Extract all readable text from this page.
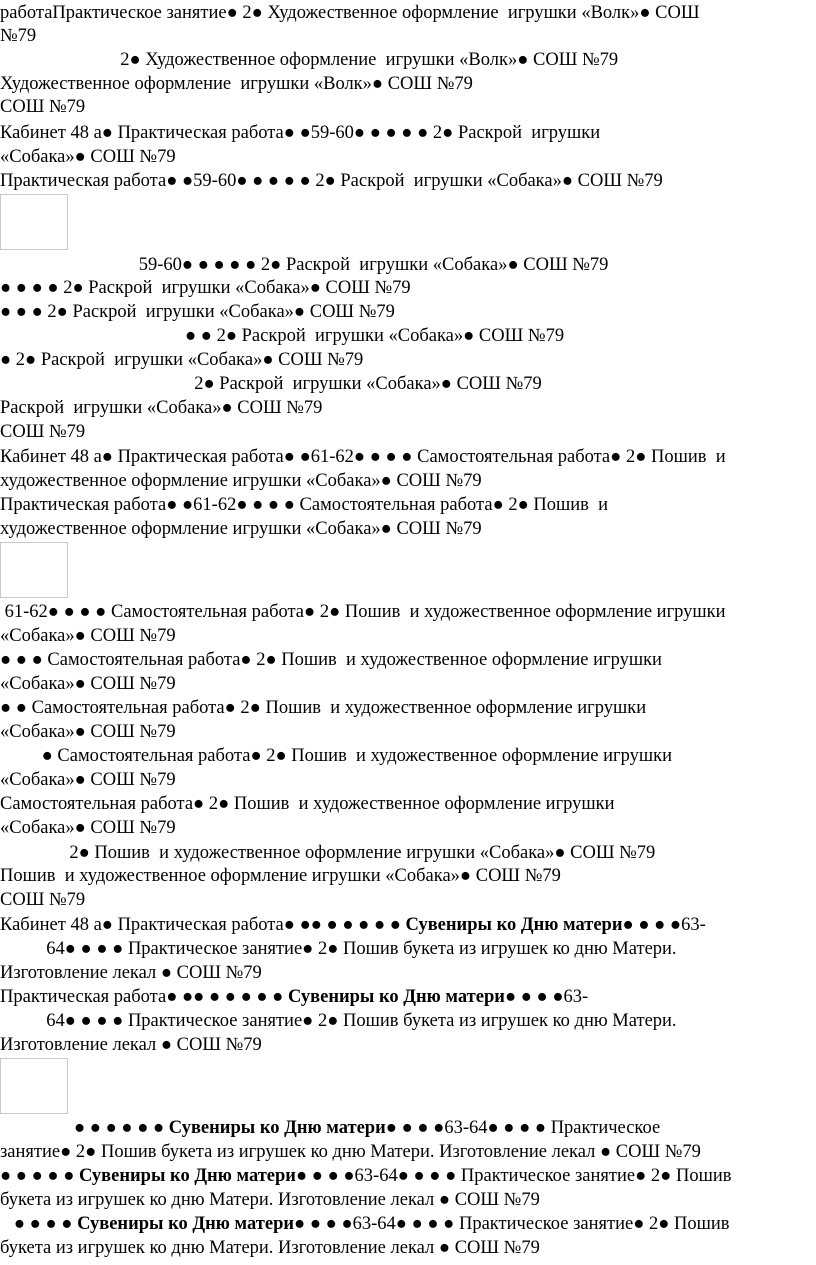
работаПрактическое занятие● 2● Художественное оформление  игрушки «Волк»● СОШ
№79
2● Художественное оформление  игрушки «Волк»● СОШ №79
Художественное оформление  игрушки «Волк»● СОШ №79
СОШ №79
Кабинет 48 а● Практическая работа● ●59-60● ● ● ● ● 2● Раскрой  игрушки
«Собака»● СОШ №79
Практическая работа● ●59-60● ● ● ● ● 2● Раскрой  игрушки «Собака»● СОШ №79
59-60● ● ● ● ● 2● Раскрой  игрушки «Собака»● СОШ №79
● ● ● ● 2● Раскрой  игрушки «Собака»● СОШ №79
● ● ● 2● Раскрой  игрушки «Собака»● СОШ №79
● ● 2● Раскрой  игрушки «Собака»● СОШ №79
● 2● Раскрой  игрушки «Собака»● СОШ №79
2● Раскрой  игрушки «Собака»● СОШ №79
Раскрой  игрушки «Собака»● СОШ №79
СОШ №79
Кабинет 48 а● Практическая работа● ●61-62● ● ● ● Самостоятельная работа● 2● Пошив  и
художественное оформление игрушки «Собака»● СОШ №79
Практическая работа● ●61-62● ● ● ● Самостоятельная работа● 2● Пошив  и
художественное оформление игрушки «Собака»● СОШ №79
61-62● ● ● ● Самостоятельная работа● 2● Пошив  и художественное оформление игрушки
«Собака»● СОШ №79
● ● ● Самостоятельная работа● 2● Пошив  и художественное оформление игрушки
«Собака»● СОШ №79
● ● Самостоятельная работа● 2● Пошив  и художественное оформление игрушки
«Собака»● СОШ №79
● Самостоятельная работа● 2● Пошив  и художественное оформление игрушки
«Собака»● СОШ №79
Самостоятельная работа● 2● Пошив  и художественное оформление игрушки
«Собака»● СОШ №79
2● Пошив  и художественное оформление игрушки «Собака»● СОШ №79
Пошив  и художественное оформление игрушки «Собака»● СОШ №79
СОШ №79
Кабинет 48 а● Практическая работа● ●● ● ● ● ● ● Сувениры ко Дню матери● ● ● ●63-
64● ● ● ● Практическое занятие● 2● Пошив букета из игрушек ко дню Матери.
Изготовление лекал ● СОШ №79
Практическая работа● ●● ● ● ● ● ● Сувениры ко Дню матери● ● ● ●63-
64● ● ● ● Практическое занятие● 2● Пошив букета из игрушек ко дню Матери.
Изготовление лекал ● СОШ №79
● ● ● ● ● ● Сувениры ко Дню матери● ● ● ●63-64● ● ● ● Практическое
занятие● 2● Пошив букета из игрушек ко дню Матери. Изготовление лекал ● СОШ №79
● ● ● ● ● Сувениры ко Дню матери● ● ● ●63-64● ● ● ● Практическое занятие● 2● Пошив
букета из игрушек ко дню Матери. Изготовление лекал ● СОШ №79
● ● ● ● Сувениры ко Дню матери● ● ● ●63-64● ● ● ● Практическое занятие● 2● Пошив
букета из игрушек ко дню Матери. Изготовление лекал ● СОШ №79
